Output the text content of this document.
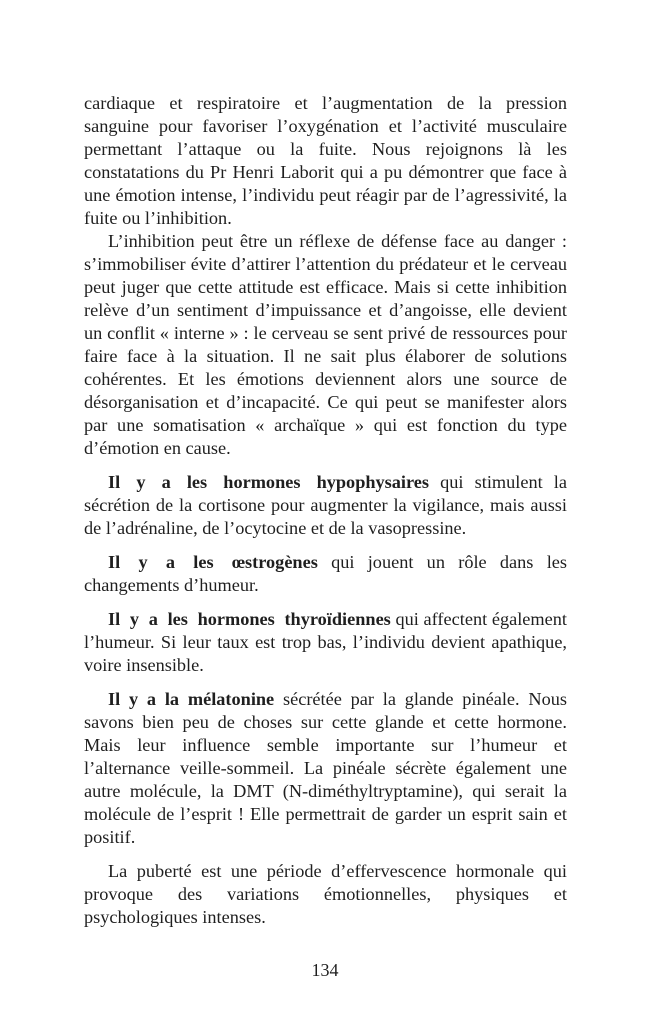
cardiaque et respiratoire et l’augmentation de la pression sanguine pour favoriser l’oxygénation et l’activité musculaire permettant l’attaque ou la fuite. Nous rejoignons là les constatations du Pr Henri Laborit qui a pu démontrer que face à une émotion intense, l’individu peut réagir par de l’agressivité, la fuite ou l’inhibition.

L’inhibition peut être un réflexe de défense face au danger : s’immobiliser évite d’attirer l’attention du prédateur et le cerveau peut juger que cette attitude est efficace. Mais si cette inhibition relève d’un sentiment d’impuissance et d’angoisse, elle devient un conflit « interne » : le cerveau se sent privé de ressources pour faire face à la situation. Il ne sait plus élaborer de solutions cohérentes. Et les émotions deviennent alors une source de désorganisation et d’incapacité. Ce qui peut se manifester alors par une somatisation « archaïque » qui est fonction du type d’émotion en cause.

Il y a les hormones hypophysaires qui stimulent la sécrétion de la cortisone pour augmenter la vigilance, mais aussi de l’adrénaline, de l’ocytocine et de la vasopressine.

Il y a les œstrogènes qui jouent un rôle dans les changements d’humeur.

Il y a les hormones thyroïdiennes qui affectent également l’humeur. Si leur taux est trop bas, l’individu devient apathique, voire insensible.

Il y a la mélatonine sécrétée par la glande pinéale. Nous savons bien peu de choses sur cette glande et cette hormone. Mais leur influence semble importante sur l’humeur et l’alternance veille-sommeil. La pinéale sécrète également une autre molécule, la DMT (N-diméthyltryptamine), qui serait la molécule de l’esprit ! Elle permettrait de garder un esprit sain et positif.

La puberté est une période d’effervescence hormonale qui provoque des variations émotionnelles, physiques et psychologiques intenses.

134
